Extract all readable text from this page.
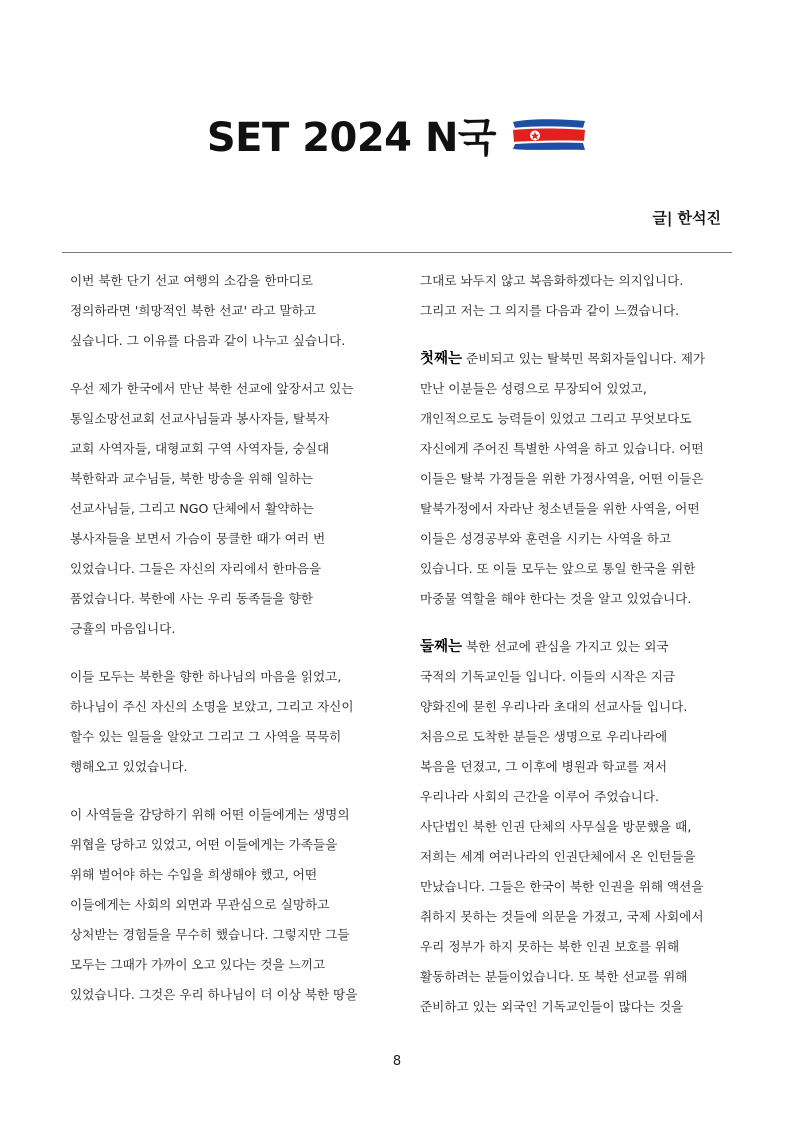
SET 2024 N국
글| 한석진
이번 북한 단기 선교 여행의 소감을 한마디로
정의하라면 '희망적인 북한 선교' 라고 말하고
싶습니다. 그 이유를 다음과 같이 나누고 싶습니다.
우선 제가 한국에서 만난 북한 선교에 앞장서고 있는
통일소망선교회 선교사님들과 봉사자들, 탈북자
교회 사역자들, 대형교회 구역 사역자들, 숭실대
북한학과 교수님들, 북한 방송을 위해 일하는
선교사님들, 그리고 NGO 단체에서 활약하는
봉사자들을 보면서 가슴이 뭉클한 때가 여러 번
있었습니다. 그들은 자신의 자리에서 한마음을
품었습니다. 북한에 사는 우리 동족들을 향한
긍휼의 마음입니다.
이들 모두는 북한을 향한 하나님의 마음을 읽었고,
하나님이 주신 자신의 소명을 보았고, 그리고 자신이
할수 있는 일들을 알았고 그리고 그 사역을 묵묵히
행해오고 있었습니다.
이 사역들을 감당하기 위해 어떤 이들에게는 생명의
위협을 당하고 있었고, 어떤 이들에게는 가족들을
위해 벌어야 하는 수입을 희생해야 했고, 어떤
이들에게는 사회의 외면과 무관심으로 실망하고
상처받는 경험들을 무수히 했습니다. 그렇지만 그들
모두는 그때가 가까이 오고 있다는 것을 느끼고
있었습니다. 그것은 우리 하나님이 더 이상 북한 땅을
그대로 놔두지 않고 복음화하겠다는 의지입니다.
그리고 저는 그 의지를 다음과 같이 느꼈습니다.
첫째는 준비되고 있는 탈북민 목회자들입니다. 제가
만난 이분들은 성령으로 무장되어 있었고,
개인적으로도 능력들이 있었고 그리고 무엇보다도
자신에게 주어진 특별한 사역을 하고 있습니다. 어떤
이들은 탈북 가정들을 위한 가정사역을, 어떤 이들은
탈북가정에서 자라난 청소년들을 위한 사역을, 어떤
이들은 성경공부와 훈련을 시키는 사역을 하고
있습니다. 또 이들 모두는 앞으로 통일 한국을 위한
마중물 역할을 해야 한다는 것을 알고 있었습니다.
둘째는 북한 선교에 관심을 가지고 있는 외국
국적의 기독교인들 입니다. 이들의 시작은 지금
양화진에 묻힌 우리나라 초대의 선교사들 입니다.
처음으로 도착한 분들은 생명으로 우리나라에
복음을 던졌고, 그 이후에 병원과 학교를 져서
우리나라 사회의 근간을 이루어 주었습니다.
사단법인 북한 인권 단체의 사무실을 방문했을 때,
저희는 세계 여러나라의 인권단체에서 온 인턴들을
만났습니다. 그들은 한국이 북한 인권을 위해 액션을
취하지 못하는 것들에 의문을 가졌고, 국제 사회에서
우리 정부가 하지 못하는 북한 인권 보호를 위해
활동하려는 분들이었습니다. 또 북한 선교를 위해
준비하고 있는 외국인 기독교인들이 많다는 것을
8
